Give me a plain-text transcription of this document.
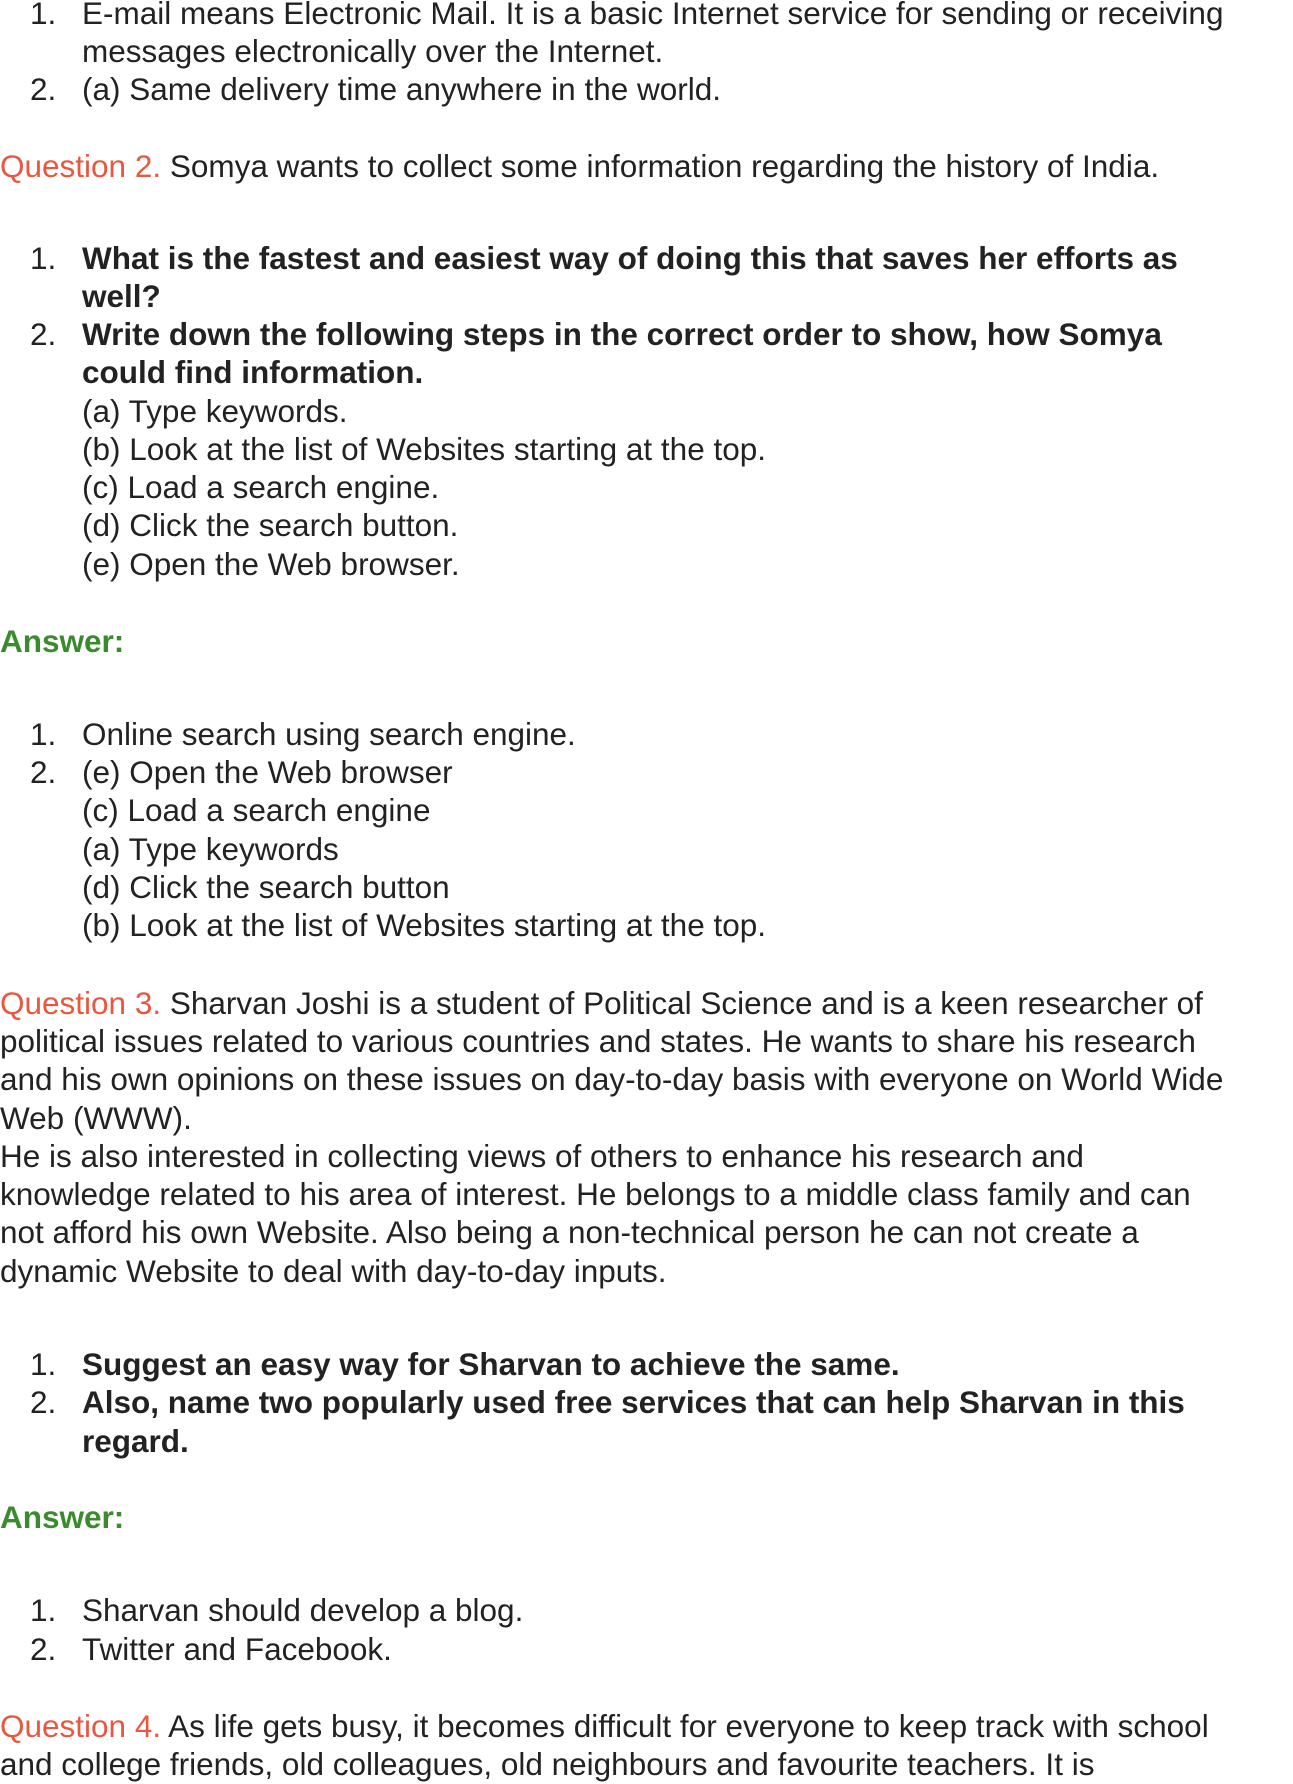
1. E-mail means Electronic Mail. It is a basic Internet service for sending or receiving
messages electronically over the Internet.
2. (a) Same delivery time anywhere in the world.
Question 2. Somya wants to collect some information regarding the history of India.
1. What is the fastest and easiest way of doing this that saves her efforts as
well?
2. Write down the following steps in the correct order to show, how Somya
could find information.
(a) Type keywords.
(b) Look at the list of Websites starting at the top.
(c) Load a search engine.
(d) Click the search button.
(e) Open the Web browser.
Answer:
1. Online search using search engine.
2. (e) Open the Web browser
(c) Load a search engine
(a) Type keywords
(d) Click the search button
(b) Look at the list of Websites starting at the top.
Question 3. Sharvan Joshi is a student of Political Science and is a keen researcher of
political issues related to various countries and states. He wants to share his research
and his own opinions on these issues on day-to-day basis with everyone on World Wide
Web (WWW).
He is also interested in collecting views of others to enhance his research and
knowledge related to his area of interest. He belongs to a middle class family and can
not afford his own Website. Also being a non-technical person he can not create a
dynamic Website to deal with day-to-day inputs.
1. Suggest an easy way for Sharvan to achieve the same.
2. Also, name two popularly used free services that can help Sharvan in this
regard.
Answer:
1. Sharvan should develop a blog.
2. Twitter and Facebook.
Question 4. As life gets busy, it becomes difficult for everyone to keep track with school
and college friends, old colleagues, old neighbours and favourite teachers. It is
